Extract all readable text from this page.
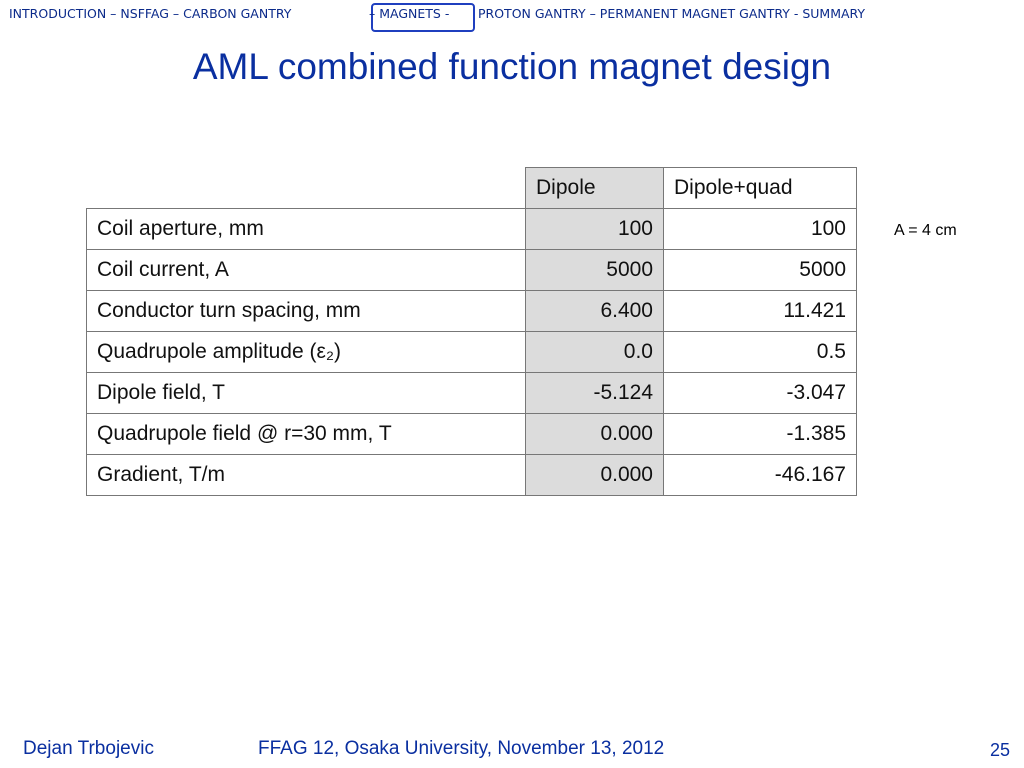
INTRODUCTION – NSFFAG – CARBON GANTRY	– MAGNETS - PROTON GANTRY – PERMANENT MAGNET GANTRY - SUMMARY
AML combined function magnet design
A = 4 cm
	Dipole	Dipole+quad
Coil aperture, mm	100	100
Coil current, A	5000	5000
Conductor turn spacing, mm	6.400	11.421
Quadrupole amplitude (ε₂)	0.0	0.5
Dipole field, T	-5.124	-3.047
Quadrupole field @ r=30 mm, T	0.000	-1.385
Gradient, T/m	0.000	-46.167
Dejan Trbojevic	FFAG 12, Osaka University, November 13, 2012	25
